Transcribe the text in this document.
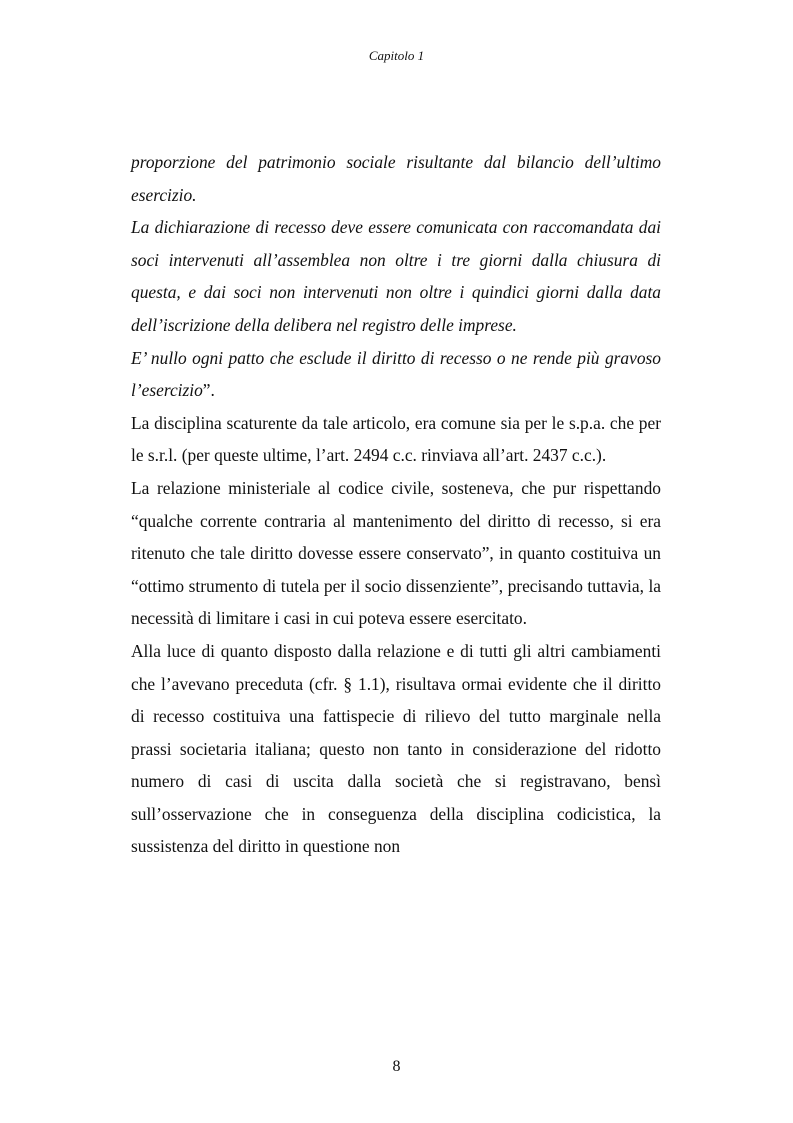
Capitolo 1

proporzione del patrimonio sociale risultante dal bilancio dell’ultimo esercizio.

La dichiarazione di recesso deve essere comunicata con raccomandata dai soci intervenuti all’assemblea non oltre i tre giorni dalla chiusura di questa, e dai soci non intervenuti non oltre i quindici giorni dalla data dell’iscrizione della delibera nel registro delle imprese.

E’ nullo ogni patto che esclude il diritto di recesso o ne rende più gravoso l’esercizio”.

La disciplina scaturente da tale articolo, era comune sia per le s.p.a. che per le s.r.l. (per queste ultime, l’art. 2494 c.c. rinviava all’art. 2437 c.c.).

La relazione ministeriale al codice civile, sosteneva, che pur rispettando “qualche corrente contraria al mantenimento del diritto di recesso, si era ritenuto che tale diritto dovesse essere conservato”, in quanto costituiva un “ottimo strumento di tutela per il socio dissenziente”, precisando tuttavia, la necessità di limitare i casi in cui poteva essere esercitato.

Alla luce di quanto disposto dalla relazione e di tutti gli altri cambiamenti che l’avevano preceduta (cfr. § 1.1), risultava ormai evidente che il diritto di recesso costituiva una fattispecie di rilievo del tutto marginale nella prassi societaria italiana; questo non tanto in considerazione del ridotto numero di casi di uscita dalla società che si registravano, bensì sull’osservazione che in conseguenza della disciplina codicistica, la sussistenza del diritto in questione non

8
